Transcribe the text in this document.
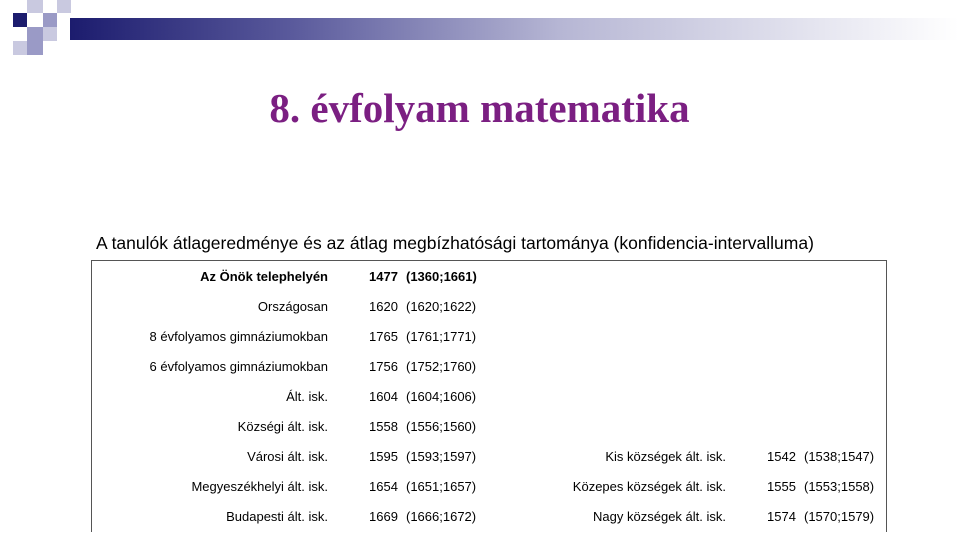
8. évfolyam matematika
A tanulók átlageredménye és az átlag megbízhatósági tartománya (konfidencia-intervalluma)
Az Önök telephelyén	1477 (1360;1661)
Országosan	1620 (1620;1622)
8 évfolyamos gimnáziumokban	1765 (1761;1771)
6 évfolyamos gimnáziumokban	1756 (1752;1760)
Ált. isk.	1604 (1604;1606)
Községi ált. isk.	1558 (1556;1560)
Városi ált. isk.	1595 (1593;1597)	Kis községek ált. isk.	1542 (1538;1547)
Megyeszékhelyi ált. isk.	1654 (1651;1657)	Közepes községek ált. isk.	1555 (1553;1558)
Budapesti ált. isk.	1669 (1666;1672)	Nagy községek ált. isk.	1574 (1570;1579)
